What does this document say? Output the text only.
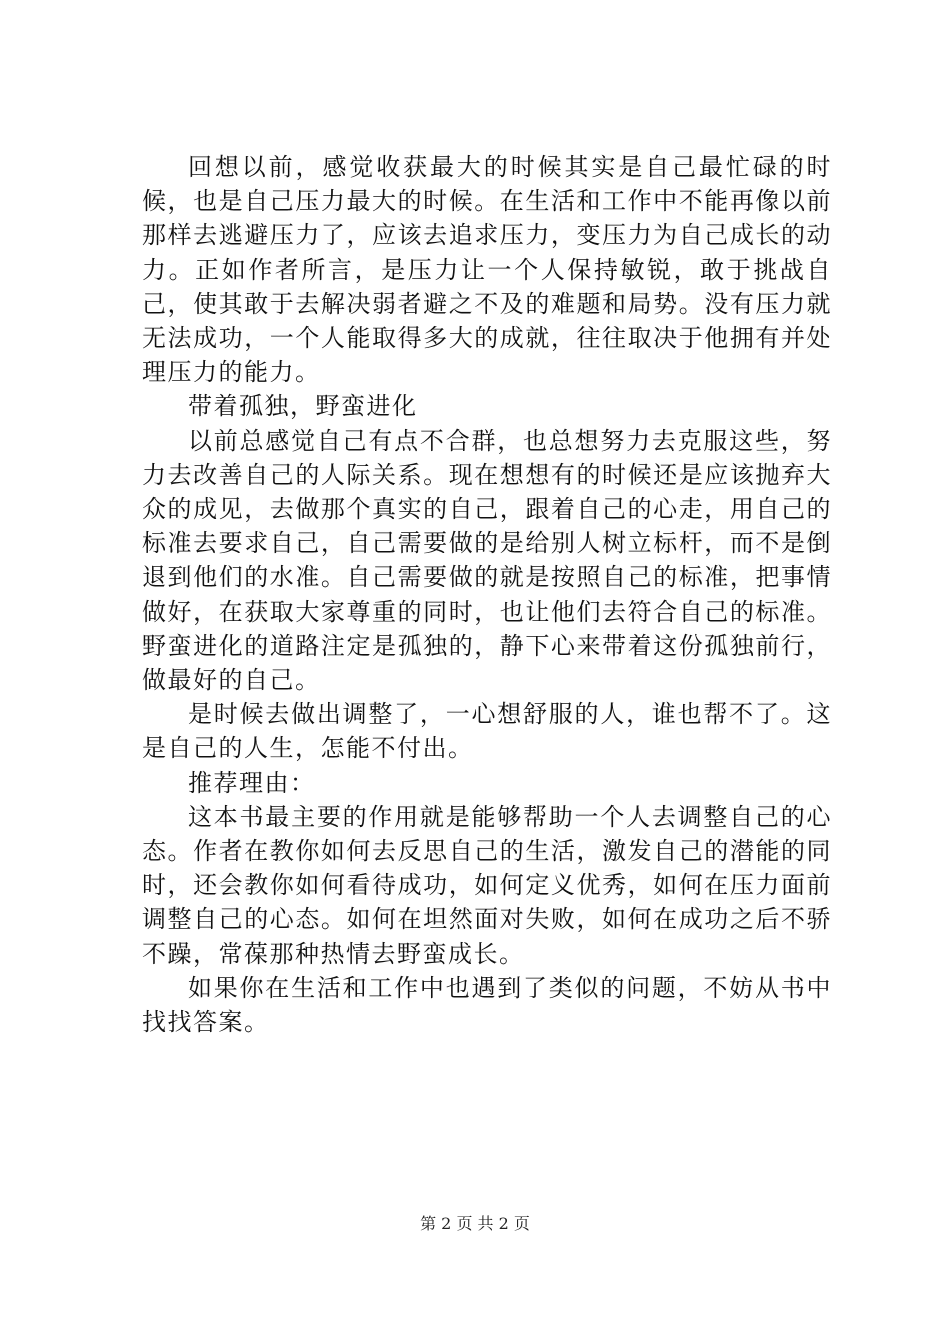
回想以前，感觉收获最大的时候其实是自己最忙碌的时候，也是自己压力最大的时候。在生活和工作中不能再像以前那样去逃避压力了，应该去追求压力，变压力为自己成长的动力。正如作者所言，是压力让一个人保持敏锐，敢于挑战自己，使其敢于去解决弱者避之不及的难题和局势。没有压力就无法成功，一个人能取得多大的成就，往往取决于他拥有并处理压力的能力。

带着孤独，野蛮进化

以前总感觉自己有点不合群，也总想努力去克服这些，努力去改善自己的人际关系。现在想想有的时候还是应该抛弃大众的成见，去做那个真实的自己，跟着自己的心走，用自己的标准去要求自己，自己需要做的是给别人树立标杆，而不是倒退到他们的水准。自己需要做的就是按照自己的标准，把事情做好，在获取大家尊重的同时，也让他们去符合自己的标准。野蛮进化的道路注定是孤独的，静下心来带着这份孤独前行，做最好的自己。

是时候去做出调整了，一心想舒服的人，谁也帮不了。这是自己的人生，怎能不付出。

推荐理由：

这本书最主要的作用就是能够帮助一个人去调整自己的心态。作者在教你如何去反思自己的生活，激发自己的潜能的同时，还会教你如何看待成功，如何定义优秀，如何在压力面前调整自己的心态。如何在坦然面对失败，如何在成功之后不骄不躁，常葆那种热情去野蛮成长。

如果你在生活和工作中也遇到了类似的问题，不妨从书中找找答案。

第 2 页 共 2 页
